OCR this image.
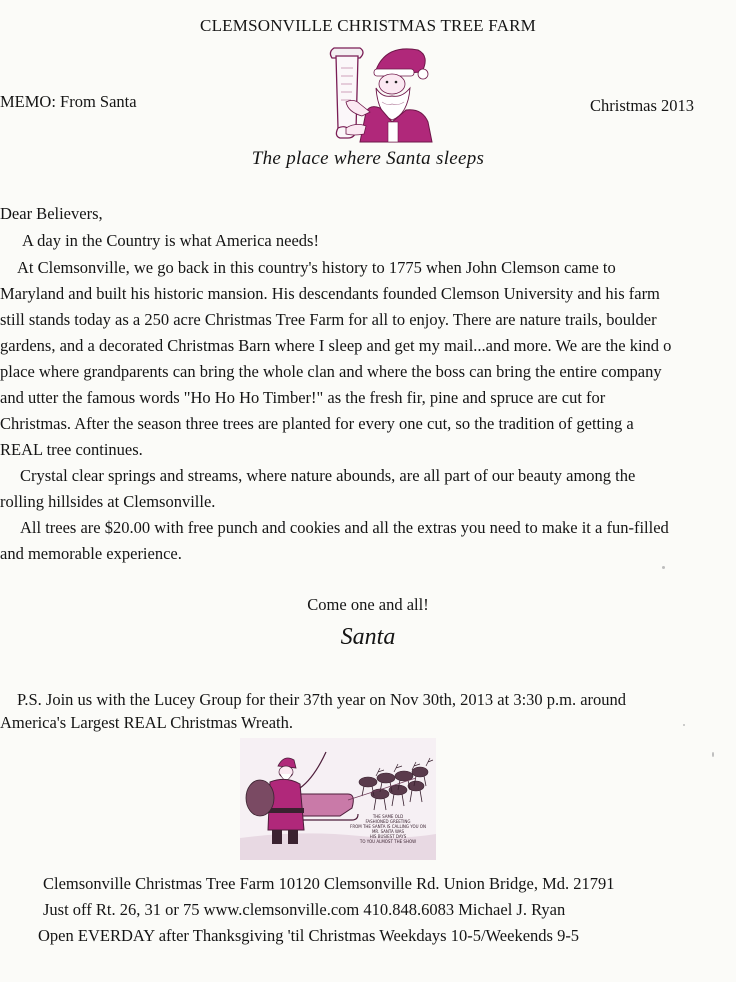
CLEMSONVILLE CHRISTMAS TREE FARM
MEMO: From Santa	Christmas 2013
The place where Santa sleeps
Dear Believers,
A day in the Country is what America needs!
At Clemsonville, we go back in this country's history to 1775 when John Clemson came to
Maryland and built his historic mansion. His descendants founded Clemson University and his farm
still stands today as a 250 acre Christmas Tree Farm for all to enjoy. There are nature trails, boulder
gardens, and a decorated Christmas Barn where I sleep and get my mail...and more. We are the kind o
place where grandparents can bring the whole clan and where the boss can bring the entire company
and utter the famous words "Ho Ho Ho Timber!" as the fresh fir, pine and spruce are cut for
Christmas. After the season three trees are planted for every one cut, so the tradition of getting a
REAL tree continues.
Crystal clear springs and streams, where nature abounds, are all part of our beauty among the
rolling hillsides at Clemsonville.
All trees are $20.00 with free punch and cookies and all the extras you need to make it a fun-filled
and memorable experience.
Come one and all!
Santa
P.S. Join us with the Lucey Group for their 37th year on Nov 30th, 2013 at 3:30 p.m. around
America's Largest REAL Christmas Wreath.
THE SAME OLD
FASHIONED GREETING
FROM THE SANTA IS CALLING YOU ON
MR. SANTA WAS
HIS BUSIEST DAYS
TO YOU ALMOST THE SHOW
Clemsonville Christmas Tree Farm 10120 Clemsonville Rd. Union Bridge, Md. 21791
Just off Rt. 26, 31 or 75 www.clemsonville.com 410.848.6083 Michael J. Ryan
Open EVERDAY after Thanksgiving 'til Christmas Weekdays 10-5/Weekends 9-5
